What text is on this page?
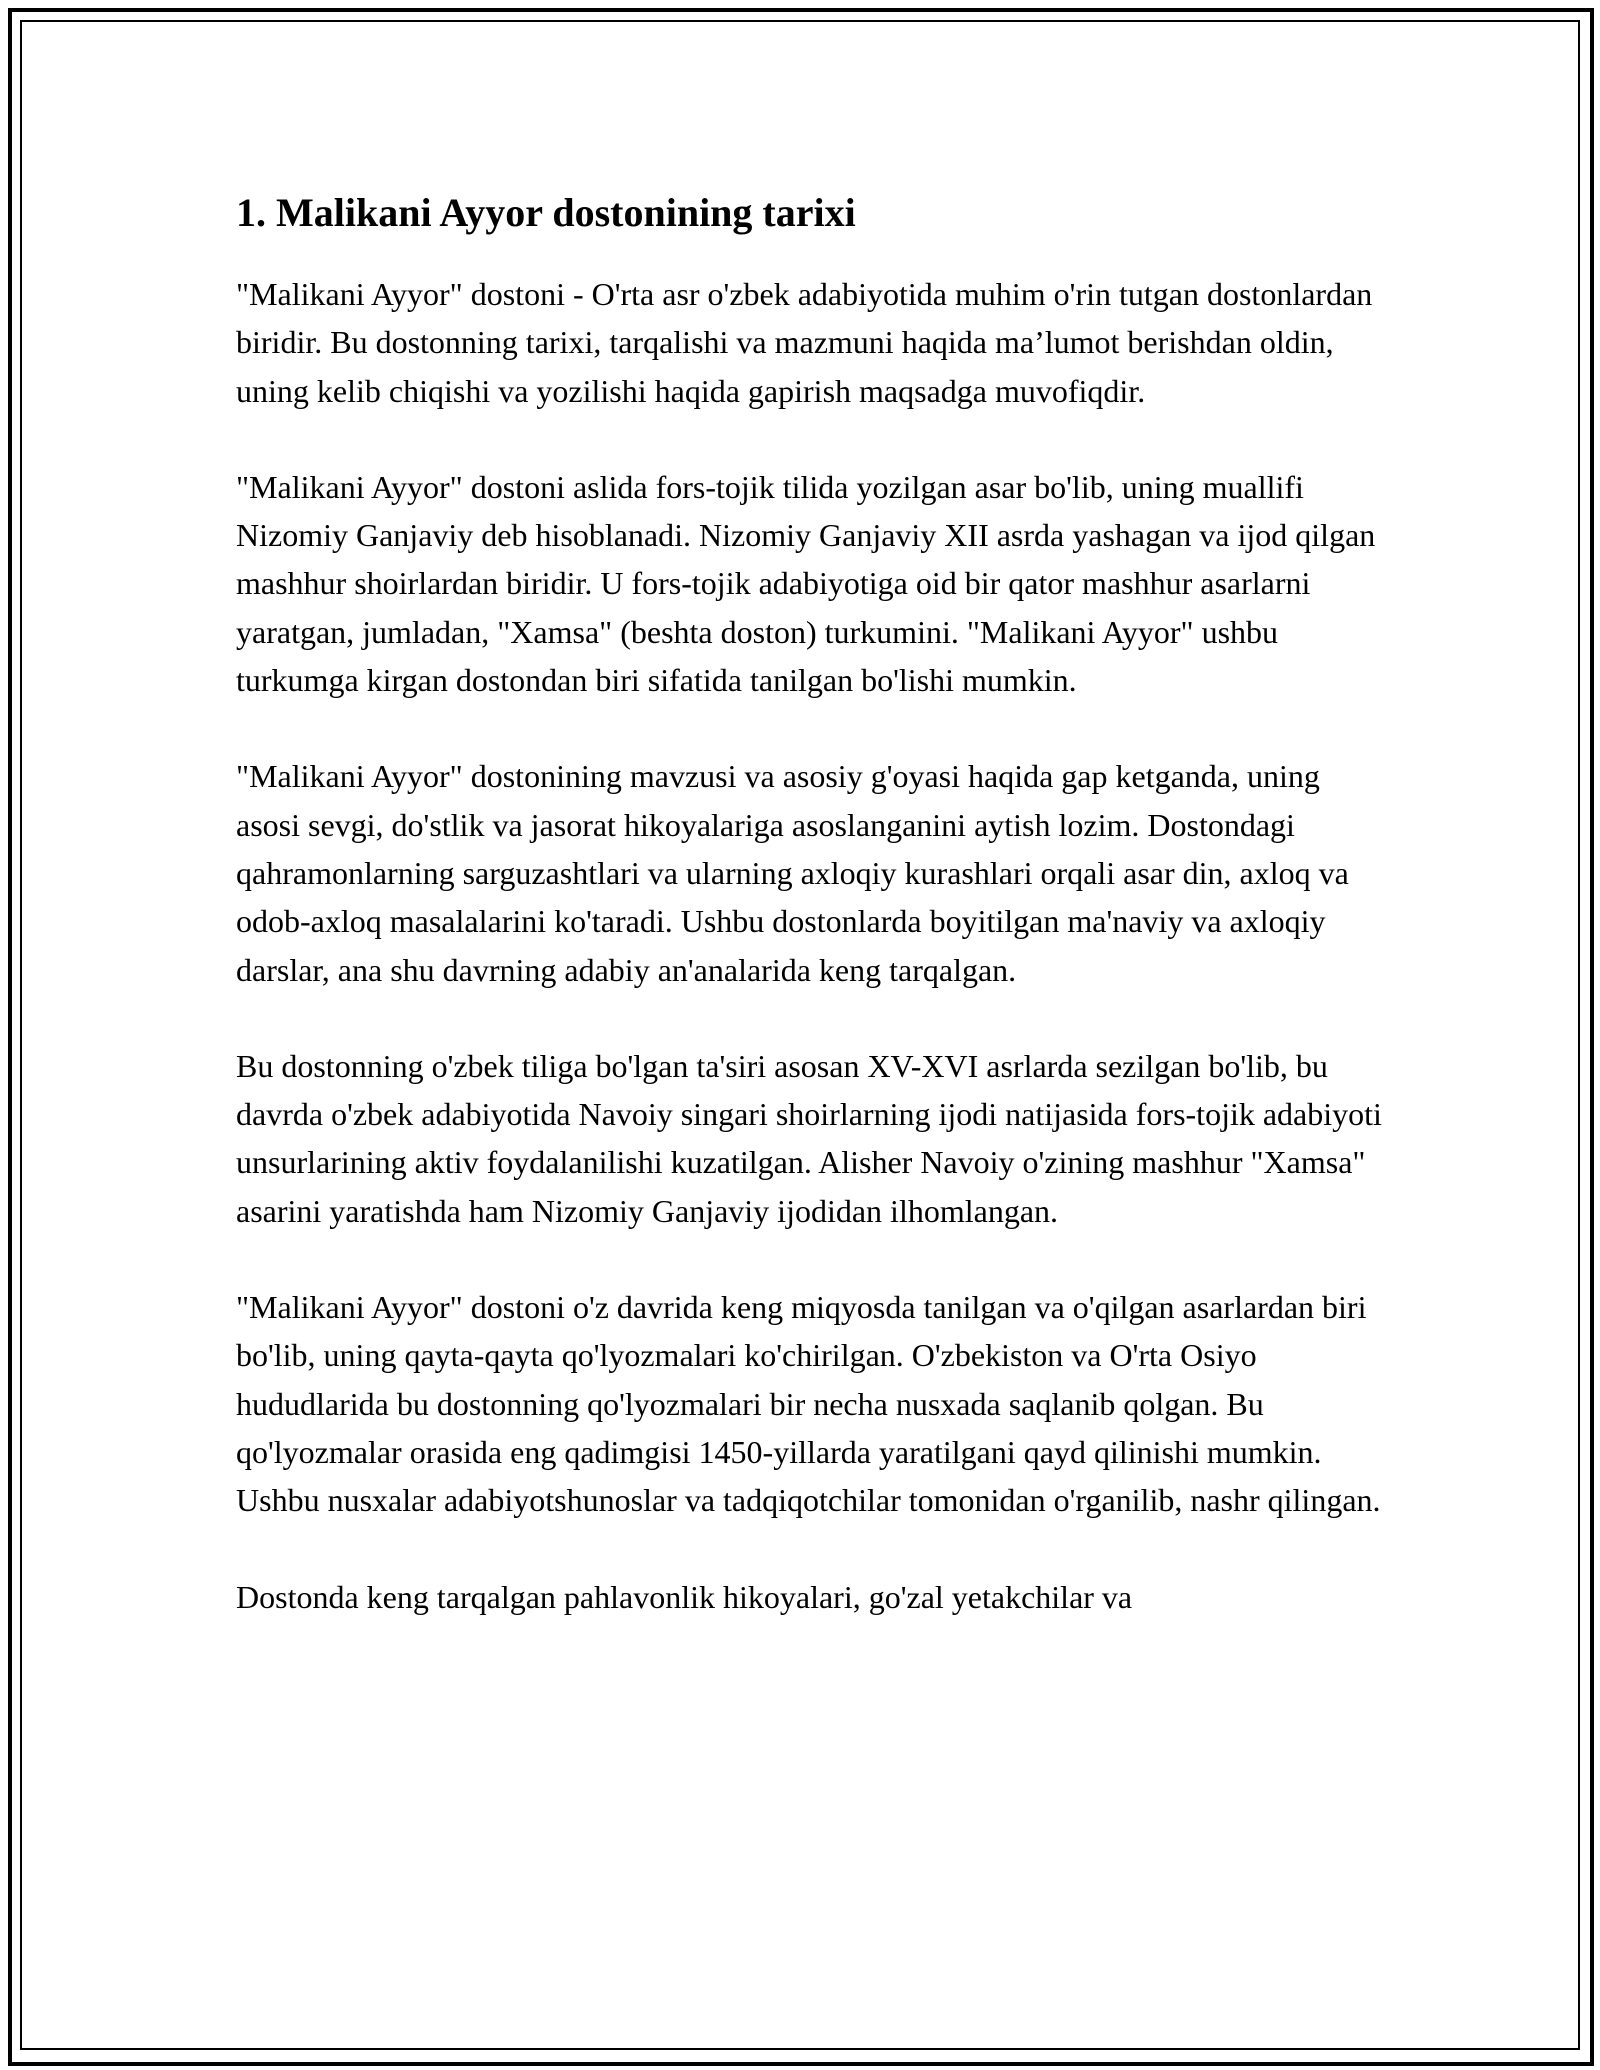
1. Malikani Ayyor dostonining tarixi

"Malikani Ayyor" dostoni - O'rta asr o'zbek adabiyotida muhim o'rin tutgan dostonlardan biridir. Bu dostonning tarixi, tarqalishi va mazmuni haqida ma’lumot berishdan oldin, uning kelib chiqishi va yozilishi haqida gapirish maqsadga muvofiqdir.

"Malikani Ayyor" dostoni aslida fors-tojik tilida yozilgan asar bo'lib, uning muallifi Nizomiy Ganjaviy deb hisoblanadi. Nizomiy Ganjaviy XII asrda yashagan va ijod qilgan mashhur shoirlardan biridir. U fors-tojik adabiyotiga oid bir qator mashhur asarlarni yaratgan, jumladan, "Xamsa" (beshta doston) turkumini. "Malikani Ayyor" ushbu turkumga kirgan dostondan biri sifatida tanilgan bo'lishi mumkin.

"Malikani Ayyor" dostonining mavzusi va asosiy g'oyasi haqida gap ketganda, uning asosi sevgi, do'stlik va jasorat hikoyalariga asoslanganini aytish lozim. Dostondagi qahramonlarning sarguzashtlari va ularning axloqiy kurashlari orqali asar din, axloq va odob-axloq masalalarini ko'taradi. Ushbu dostonlarda boyitilgan ma'naviy va axloqiy darslar, ana shu davrning adabiy an'analarida keng tarqalgan.

Bu dostonning o'zbek tiliga bo'lgan ta'siri asosan XV-XVI asrlarda sezilgan bo'lib, bu davrda o'zbek adabiyotida Navoiy singari shoirlarning ijodi natijasida fors-tojik adabiyoti unsurlarining aktiv foydalanilishi kuzatilgan. Alisher Navoiy o'zining mashhur "Xamsa" asarini yaratishda ham Nizomiy Ganjaviy ijodidan ilhomlangan.

"Malikani Ayyor" dostoni o'z davrida keng miqyosda tanilgan va o'qilgan asarlardan biri bo'lib, uning qayta-qayta qo'lyozmalari ko'chirilgan. O'zbekiston va O'rta Osiyo hududlarida bu dostonning qo'lyozmalari bir necha nusxada saqlanib qolgan. Bu qo'lyozmalar orasida eng qadimgisi 1450-yillarda yaratilgani qayd qilinishi mumkin. Ushbu nusxalar adabiyotshunoslar va tadqiqotchilar tomonidan o'rganilib, nashr qilingan.

Dostonda keng tarqalgan pahlavonlik hikoyalari, go'zal yetakchilar va
